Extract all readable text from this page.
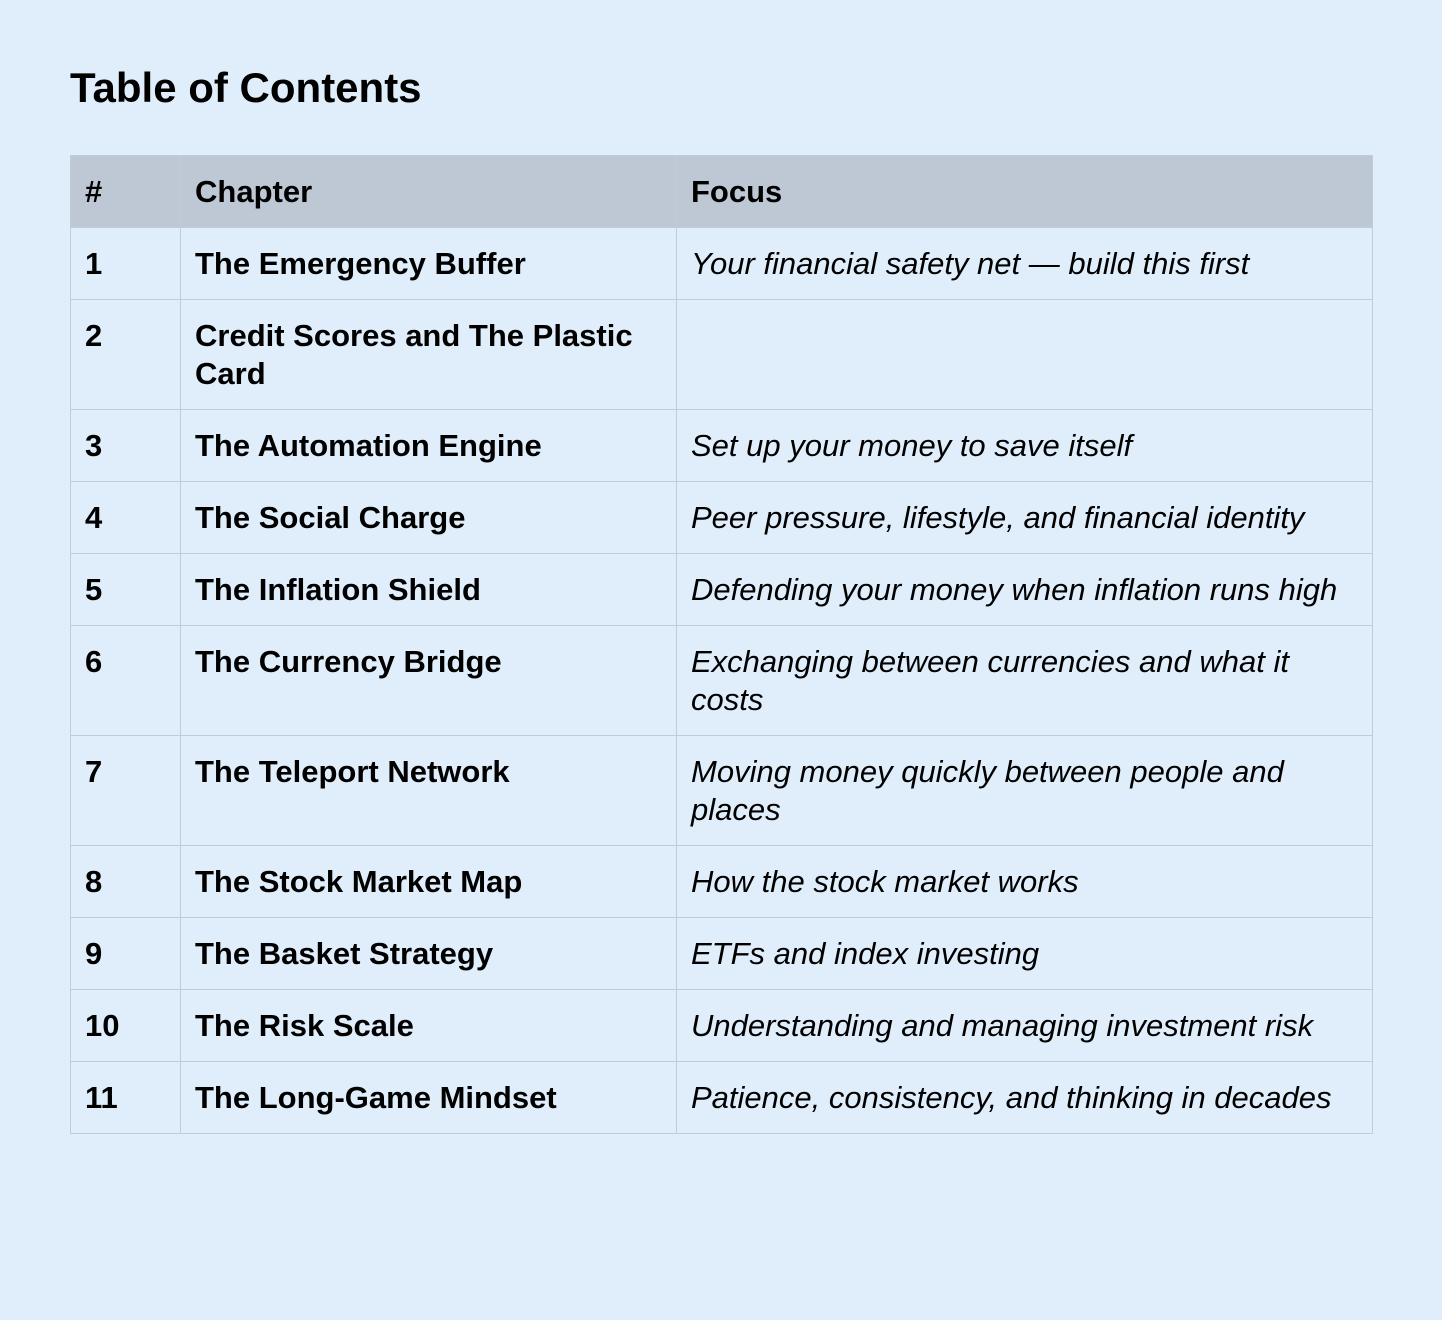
Table of Contents
#	Chapter	Focus
1	The Emergency Buffer	Your financial safety net — build this first
2	Credit Scores and The Plastic Card	
3	The Automation Engine	Set up your money to save itself
4	The Social Charge	Peer pressure, lifestyle, and financial identity
5	The Inflation Shield	Defending your money when inflation runs high
6	The Currency Bridge	Exchanging between currencies and what it costs
7	The Teleport Network	Moving money quickly between people and places
8	The Stock Market Map	How the stock market works
9	The Basket Strategy	ETFs and index investing
10	The Risk Scale	Understanding and managing investment risk
11	The Long-Game Mindset	Patience, consistency, and thinking in decades
